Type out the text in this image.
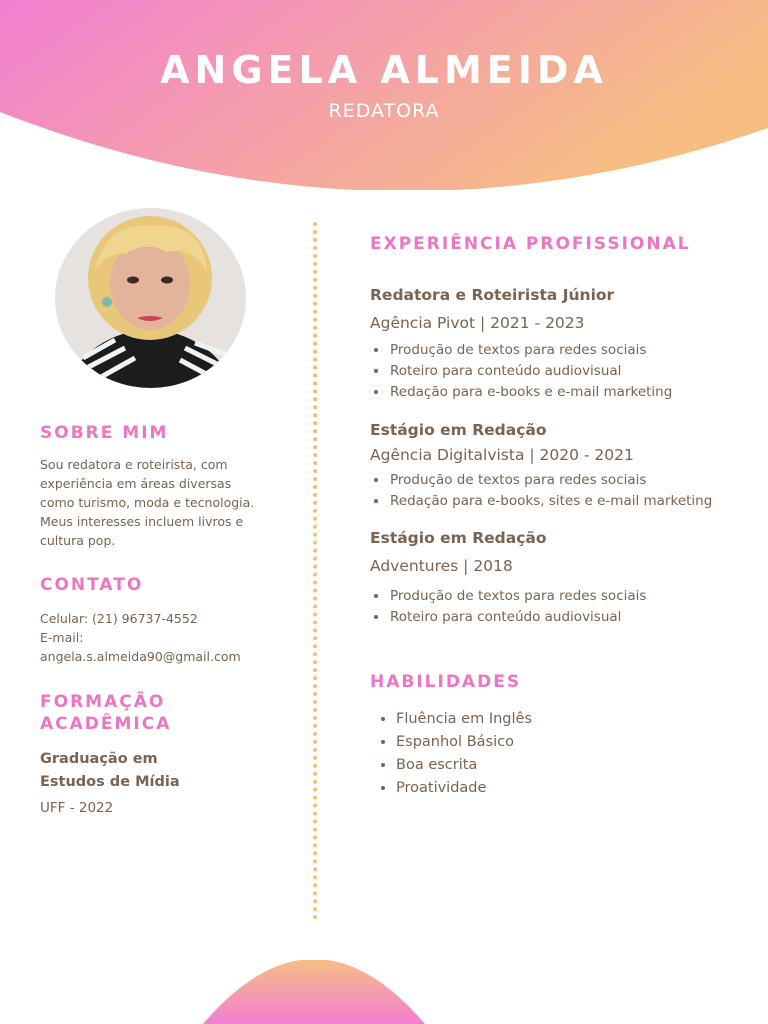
ANGELA ALMEIDA
REDATORA
SOBRE MIM
Sou redatora e roteirista, com experiência em áreas diversas como turismo, moda e tecnologia. Meus interesses incluem livros e cultura pop.
CONTATO
Celular: (21) 96737-4552
E-mail:
angela.s.almeida90@gmail.com
FORMAÇÃO
ACADÊMICA
Graduação em
Estudos de Mídia
UFF - 2022
EXPERIÊNCIA PROFISSIONAL
Redatora e Roteirista Júnior
Agência Pivot | 2021 - 2023
• Produção de textos para redes sociais
• Roteiro para conteúdo audiovisual
• Redação para e-books e e-mail marketing
Estágio em Redação
Agência Digitalvista | 2020 - 2021
• Produção de textos para redes sociais
• Redação para e-books, sites e e-mail marketing
Estágio em Redação
Adventures | 2018
• Produção de textos para redes sociais
• Roteiro para conteúdo audiovisual
HABILIDADES
• Fluência em Inglês
• Espanhol Básico
• Boa escrita
• Proatividade
